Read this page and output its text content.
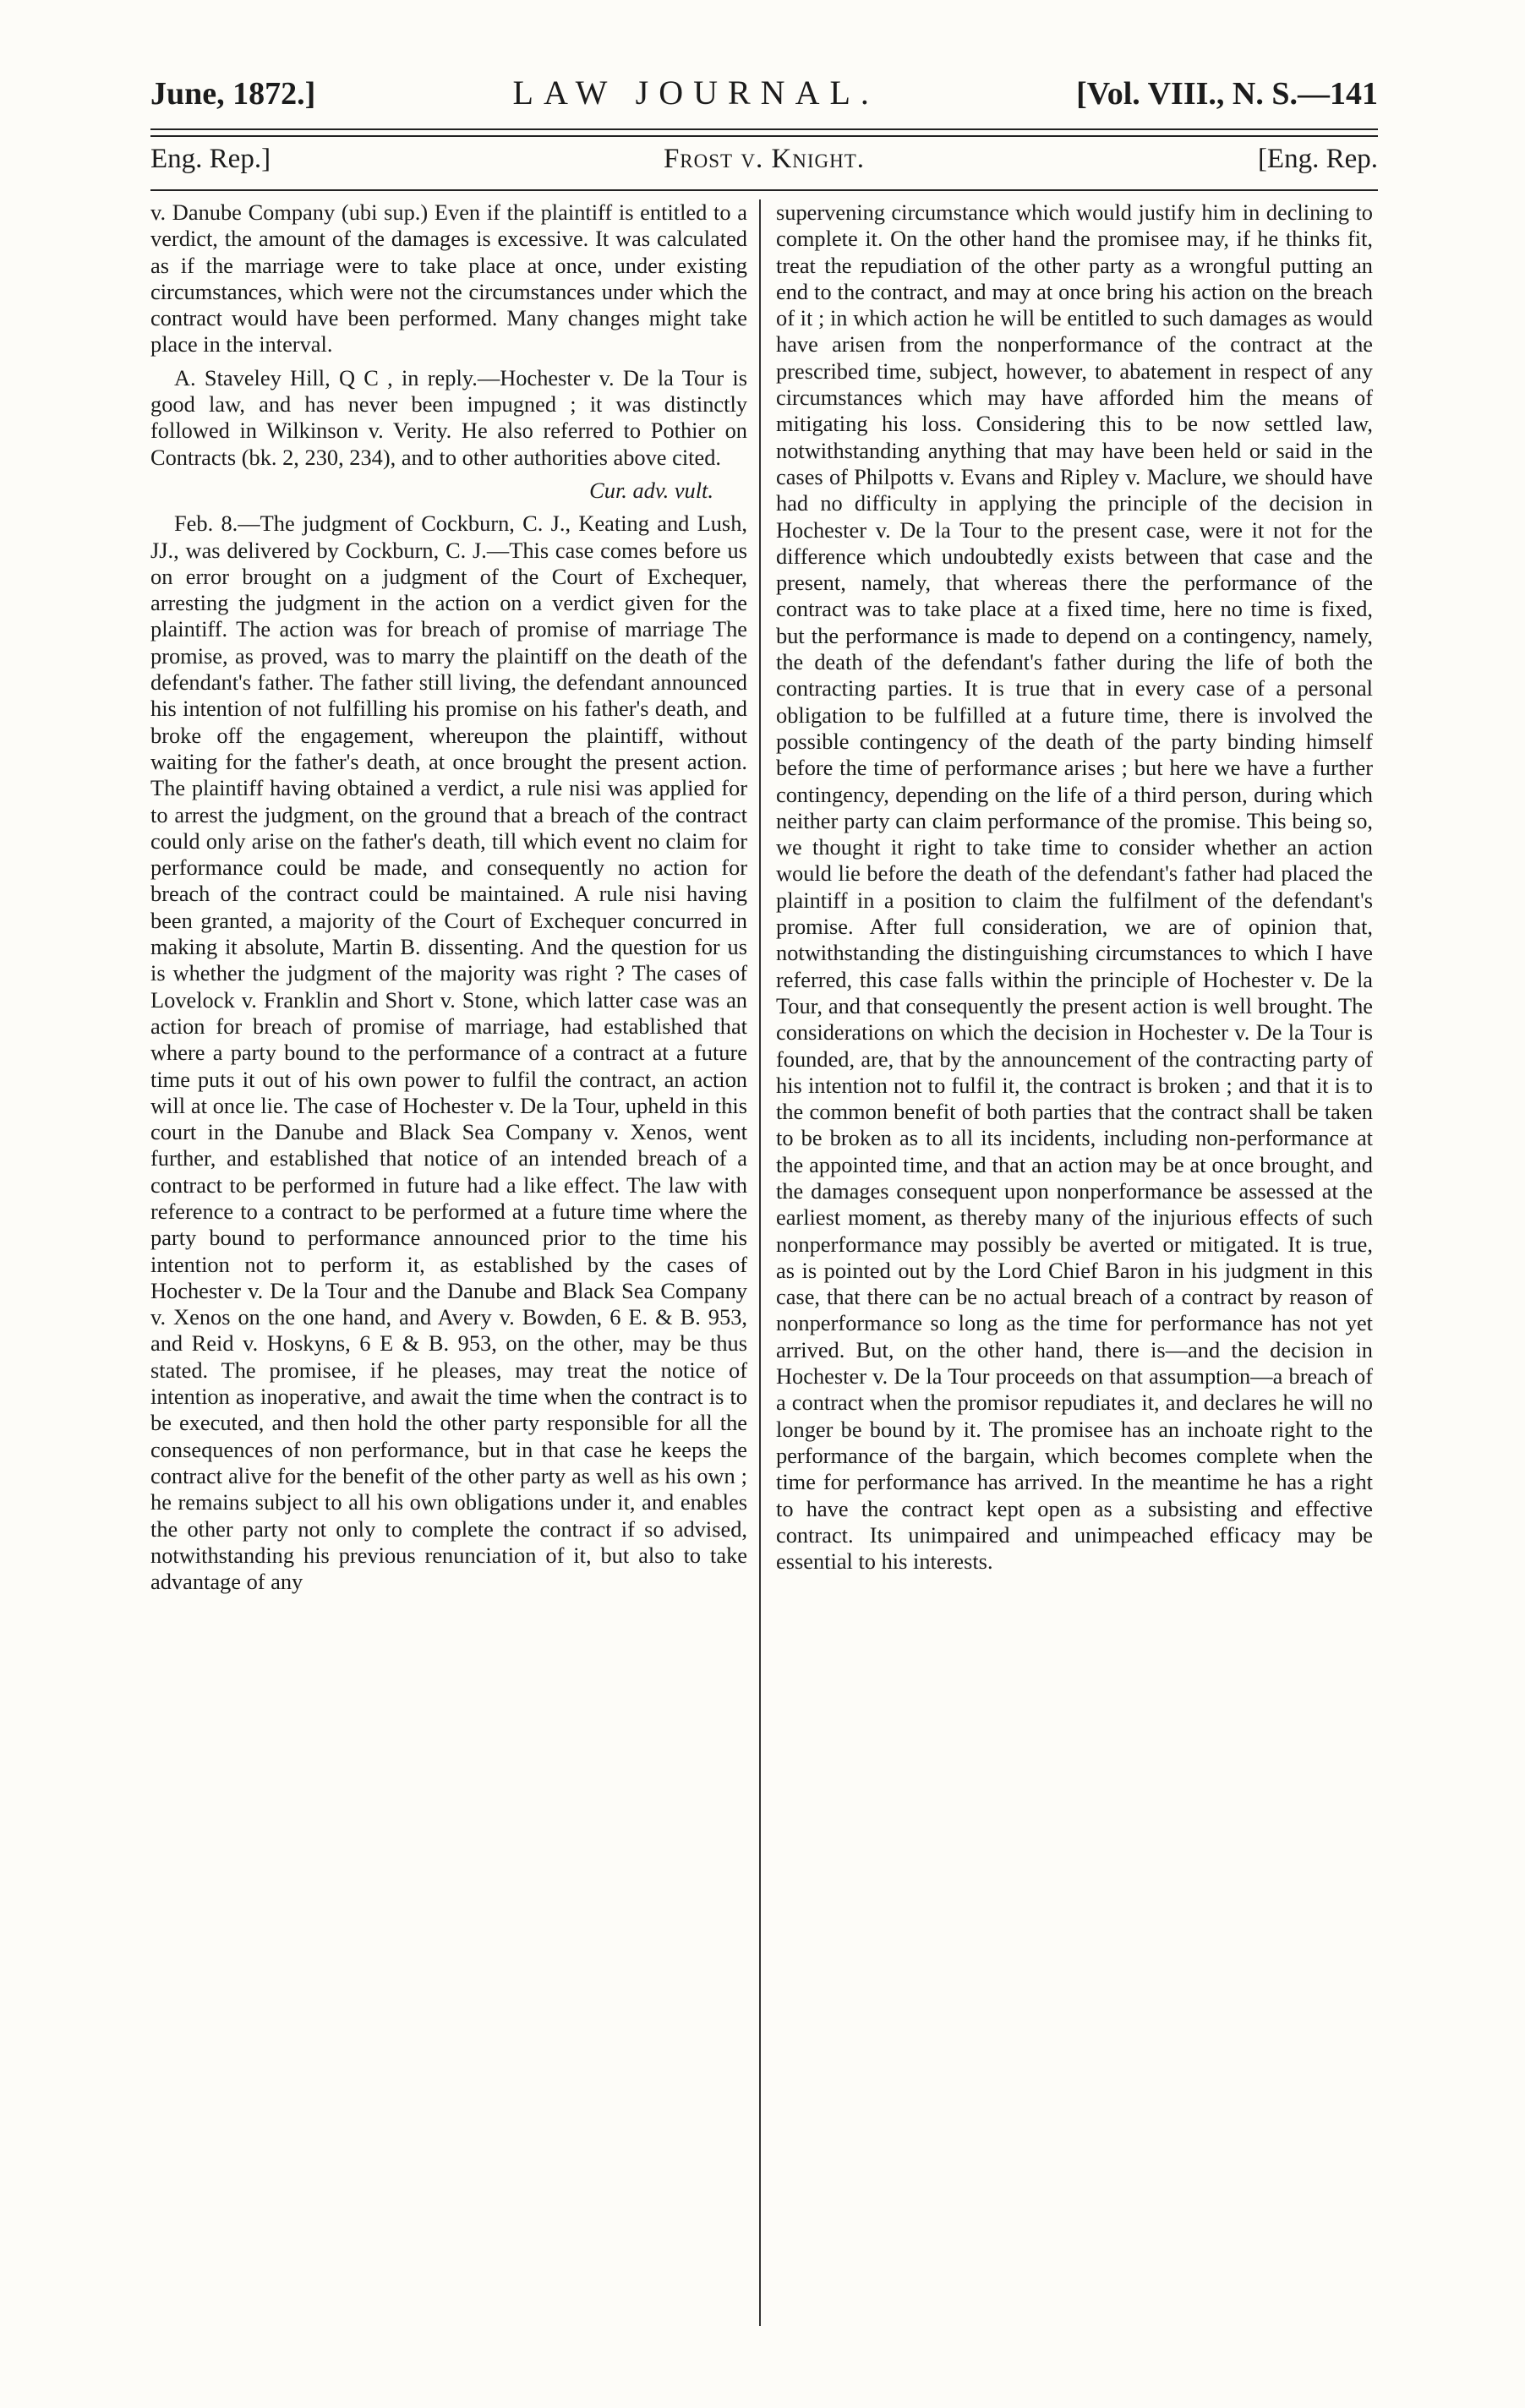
June, 1872.]	LAW JOURNAL.	[Vol. VIII., N. S.—141
Eng. Rep.]	Frost v. Knight.	[Eng. Rep.

v. Danube Company (ubi sup.) Even if the plaintiff is entitled to a verdict, the amount of the damages is excessive. It was calculated as if the marriage were to take place at once, under existing circumstances, which were not the circumstances under which the contract would have been performed. Many changes might take place in the interval.

A. Staveley Hill, Q C , in reply.—Hochester v. De la Tour is good law, and has never been impugned ; it was distinctly followed in Wilkinson v. Verity. He also referred to Pothier on Contracts (bk. 2, 230, 234), and to other authorities above cited.

Cur. adv. vult.

Feb. 8.—The judgment of Cockburn, C. J., Keating and Lush, JJ., was delivered by Cockburn, C. J.—This case comes before us on error brought on a judgment of the Court of Exchequer, arresting the judgment in the action on a verdict given for the plaintiff. The action was for breach of promise of marriage The promise, as proved, was to marry the plaintiff on the death of the defendant's father. The father still living, the defendant announced his intention of not fulfilling his promise on his father's death, and broke off the engagement, whereupon the plaintiff, without waiting for the father's death, at once brought the present action. The plaintiff having obtained a verdict, a rule nisi was applied for to arrest the judgment, on the ground that a breach of the contract could only arise on the father's death, till which event no claim for performance could be made, and consequently no action for breach of the contract could be maintained. A rule nisi having been granted, a majority of the Court of Exchequer concurred in making it absolute, Martin B. dissenting. And the question for us is whether the judgment of the majority was right ? The cases of Lovelock v. Franklin and Short v. Stone, which latter case was an action for breach of promise of marriage, had established that where a party bound to the performance of a contract at a future time puts it out of his own power to fulfil the contract, an action will at once lie. The case of Hochester v. De la Tour, upheld in this court in the Danube and Black Sea Company v. Xenos, went further, and established that notice of an intended breach of a contract to be performed in future had a like effect. The law with reference to a contract to be performed at a future time where the party bound to performance announced prior to the time his intention not to perform it, as established by the cases of Hochester v. De la Tour and the Danube and Black Sea Company v. Xenos on the one hand, and Avery v. Bowden, 6 E. & B. 953, and Reid v. Hoskyns, 6 E & B. 953, on the other, may be thus stated. The promisee, if he pleases, may treat the notice of intention as inoperative, and await the time when the contract is to be executed, and then hold the other party responsible for all the consequences of non performance, but in that case he keeps the contract alive for the benefit of the other party as well as his own ; he remains subject to all his own obligations under it, and enables the other party not only to complete the contract if so advised, notwithstanding his previous renunciation of it, but also to take advantage of any

supervening circumstance which would justify him in declining to complete it. On the other hand the promisee may, if he thinks fit, treat the repudiation of the other party as a wrongful putting an end to the contract, and may at once bring his action on the breach of it ; in which action he will be entitled to such damages as would have arisen from the nonperformance of the contract at the prescribed time, subject, however, to abatement in respect of any circumstances which may have afforded him the means of mitigating his loss. Considering this to be now settled law, notwithstanding anything that may have been held or said in the cases of Philpotts v. Evans and Ripley v. Maclure, we should have had no difficulty in applying the principle of the decision in Hochester v. De la Tour to the present case, were it not for the difference which undoubtedly exists between that case and the present, namely, that whereas there the performance of the contract was to take place at a fixed time, here no time is fixed, but the performance is made to depend on a contingency, namely, the death of the defendant's father during the life of both the contracting parties. It is true that in every case of a personal obligation to be fulfilled at a future time, there is involved the possible contingency of the death of the party binding himself before the time of performance arises ; but here we have a further contingency, depending on the life of a third person, during which neither party can claim performance of the promise. This being so, we thought it right to take time to consider whether an action would lie before the death of the defendant's father had placed the plaintiff in a position to claim the fulfilment of the defendant's promise. After full consideration, we are of opinion that, notwithstanding the distinguishing circumstances to which I have referred, this case falls within the principle of Hochester v. De la Tour, and that consequently the present action is well brought. The considerations on which the decision in Hochester v. De la Tour is founded, are, that by the announcement of the contracting party of his intention not to fulfil it, the contract is broken ; and that it is to the common benefit of both parties that the contract shall be taken to be broken as to all its incidents, including non-performance at the appointed time, and that an action may be at once brought, and the damages consequent upon nonperformance be assessed at the earliest moment, as thereby many of the injurious effects of such nonperformance may possibly be averted or mitigated. It is true, as is pointed out by the Lord Chief Baron in his judgment in this case, that there can be no actual breach of a contract by reason of nonperformance so long as the time for performance has not yet arrived. But, on the other hand, there is—and the decision in Hochester v. De la Tour proceeds on that assumption—a breach of a contract when the promisor repudiates it, and declares he will no longer be bound by it. The promisee has an inchoate right to the performance of the bargain, which becomes complete when the time for performance has arrived. In the meantime he has a right to have the contract kept open as a subsisting and effective contract. Its unimpaired and unimpeached efficacy may be essential to his interests.
